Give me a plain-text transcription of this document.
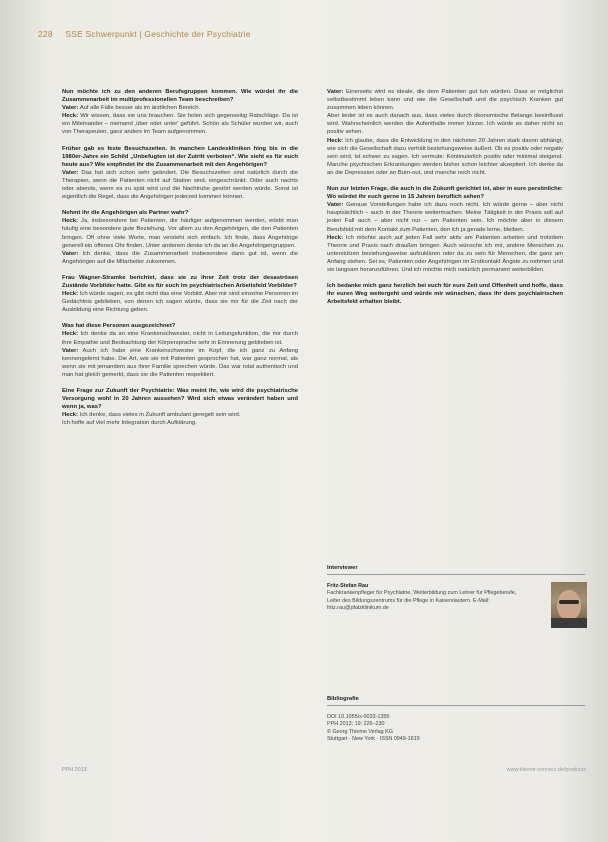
228 SSE Schwerpunkt | Geschichte der Psychiatrie

Nun möchte ich zu den anderen Berufsgruppen kommen. Wie würdet ihr die Zusammenarbeit im multiprofessionellen Team beschreiben?

Vater: Auf alle Fälle besser als im ärztlichen Bereich.

Heck: Wir wissen, dass sie uns brauchen. Sie holen sich gegenseitig Ratschläge. Da ist ein Miteinander – niemand ‚über oder unter' geführt. Schön als Schüler wurden wir, auch von Therapeuten, ganz anders im Team aufgenommen.

Früher gab es feste Besuchszeiten. In manchen Landeskliniken hing bis in die 1980er-Jahre ein Schild „Unbefugten ist der Zutritt verboten“. Wie sieht es für euch heute aus? Wie empfindet ihr die Zusammenarbeit mit den Angehörigen?

Vater: Das hat sich schon sehr geändert. Die Besuchszeiten sind natürlich durch die Therapien, wenn die Patienten nicht auf Station sind, eingeschränkt. Oder auch nachts oder abends, wenn es zu spät wird und die Nachtruhe gestört werden würde. Sonst ist eigentlich die Regel, dass die Angehörigen jederzeit kommen können.

Nehmt ihr die Angehörigen als Partner wahr?

Heck: Ja, insbesondere bei Patienten, die häufiger aufgenommen werden, erlebt man häufig eine besondere gute Beziehung. Vor allem zu den Angehörigen, die den Patienten bringen. Oft ohne viele Worte, man versteht sich einfach. Ich finde, dass Angehörige generell ein offenes Ohr finden. Unter anderem denke ich da an die Angehörigengruppen.

Vater: Ich denke, dass die Zusammenarbeit insbesondere dann gut ist, wenn die Angehörigen auf die Mitarbeiter zukommen.

Frau Wagner-Stramke berichtet, dass sie zu ihrer Zeit trotz der desaströsen Zustände Vorbilder hatte. Gibt es für euch im psychiatrischen Arbeitsfeld Vorbilder?

Heck: Ich würde sagen, es gibt nicht das eine Vorbild. Aber mir sind einzelne Personen im Gedächtnis geblieben, von denen ich sagen würde, dass sie mir für die Zeit nach der Ausbildung eine Richtung geben.

Was hat diese Personen ausgezeichnet?

Heck: Ich denke da an eine Krankenschwester, nicht in Leitungsfunktion, die mir durch ihre Empathie und Beobachtung der Körpersprache sehr in Erinnerung geblieben ist.

Vater: Auch ich habe eine Krankenschwester im Kopf, die ich ganz zu Anfang kennengelernt habe. Die Art, wie sie mit Patienten gesprochen hat, war ganz normal, als wenn sie mit jemandem aus ihrer Familie sprechen würde. Das war total authentisch und man hat gleich gemerkt, dass sie die Patienten respektiert.

Eine Frage zur Zukunft der Psychiatrie: Was meint ihr, wie wird die psychiatrische Versorgung wohl in 20 Jahren aussehen? Wird sich etwas verändert haben und wenn ja, was?

Heck: Ich denke, dass vieles in Zukunft ambulant geregelt sein wird.

Ich hoffe auf viel mehr Integration durch Aufklärung.

Vater: Einerseits wird es ideale, die dem Patienten gut tun würden. Dass er möglichst selbstbestimmt leben kann und wie die Gesellschaft und die psychisch Kranken gut zusammen leben können.

Aber leider ist es auch danach aus, dass vieles durch ökonomische Belange beeinflusst wird. Wahrscheinlich werden die Aufenthalte immer kürzer. Ich würde es daher nicht so positiv sehen.

Heck: Ich glaube, dass die Entwicklung in den nächsten 20 Jahren stark davon abhängt, wie sich die Gesellschaft dazu verhält beziehungsweise äußert. Ob es positiv oder negativ sein wird, ist schwer zu sagen. Ich vermute: Kontinuierlich positiv oder minimal steigend. Manche psychischen Erkrankungen werden bisher schon leichter akzeptiert. Ich denke da an die Depression oder an Burn-out, und manche noch nicht.

Nun zur letzten Frage, die auch in die Zukunft gerichtet ist, aber in eure persönliche: Wo würdet ihr euch gerne in 15 Jahren beruflich sehen?

Vater: Genaue Vorstellungen habe ich dazu noch nicht. Ich würde gerne – aber nicht hauptsächlich – auch in der Theorie weitermachen. Meine Tätigkeit in der Praxis soll auf jeden Fall auch – aber nicht nur – am Patienten sein. Ich möchte aber in diesem Berufsfeld mit dem Kontakt zum Patienten, den ich ja gerade lerne, bleiben.

Heck: Ich möchte auch auf jeden Fall sehr aktiv am Patienten arbeiten und trotzdem Theorie und Praxis nach draußen bringen. Auch wünsche ich mir, andere Menschen zu unterstützen beziehungsweise aufzuklären oder da zu sein für Menschen, die ganz am Anfang stehen. Sei es, Patienten oder Angehörigen im Erstkontakt Ängste zu nehmen und sie langsam heranzuführen. Und ich möchte mich natürlich permanent weiterbilden.

Ich bedanke mich ganz herzlich bei euch für eure Zeit und Offenheit und hoffe, dass ihr euren Weg weitergeht und würde mir wünschen, dass ihr dem psychiatrischen Arbeitsfeld erhalten bleibt.

Interviewer
Fritz-Stefan Rau
Fachkrankenpfleger für Psychiatrie, Weiterbildung zum Lehrer für Pflegeberufe, Leiter des Bildungszentrums für die Pflege in Kaiserslautern. E-Mail: fritz.rau@pfalzklinikum.de
Bibliografie
DOI 10.1055/s-0033-1355
PPH 2013; 19: 226–230
© Georg Thieme Verlag KG
Stuttgart · New York · ISSN 0949-1619
PPH 2013	www.thieme-connect.de/products
